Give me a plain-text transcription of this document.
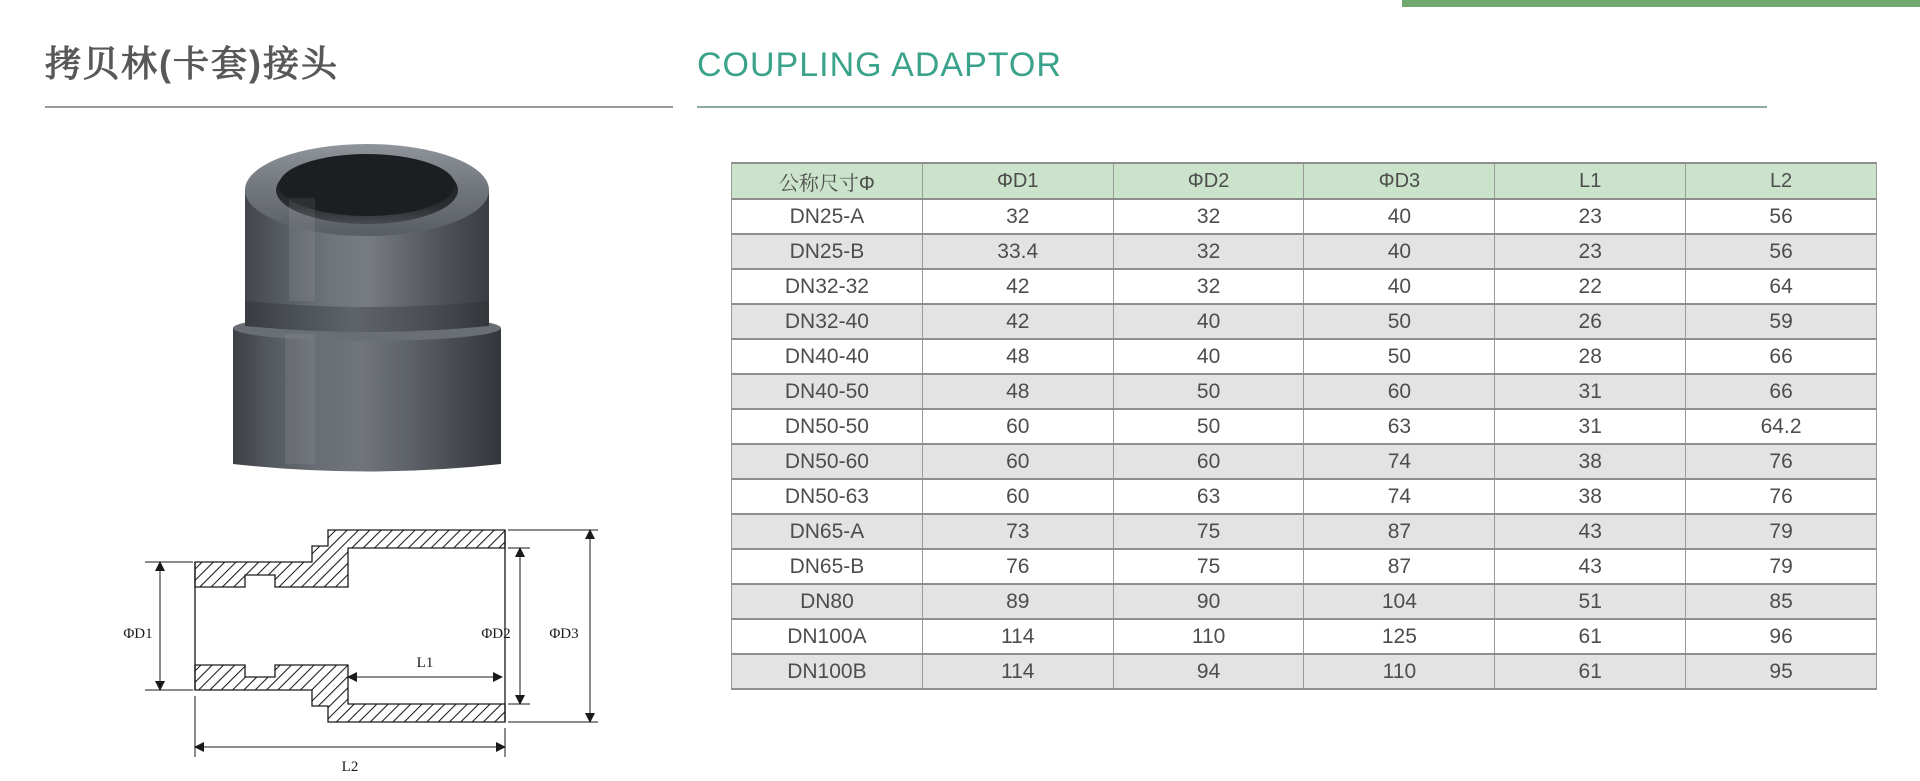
拷贝林(卡套)接头	COUPLING ADAPTOR
ΦD1
L1
L2
ΦD2	ΦD3
公称尺寸Φ	ΦD1	ΦD2	ΦD3	L1	L2
DN25-A	32	32	40	23	56
DN25-B	33.4	32	40	23	56
DN32-32	42	32	40	22	64
DN32-40	42	40	50	26	59
DN40-40	48	40	50	28	66
DN40-50	48	50	60	31	66
DN50-50	60	50	63	31	64.2
DN50-60	60	60	74	38	76
DN50-63	60	63	74	38	76
DN65-A	73	75	87	43	79
DN65-B	76	75	87	43	79
DN80	89	90	104	51	85
DN100A	114	110	125	61	96
DN100B	114	94	110	61	95
